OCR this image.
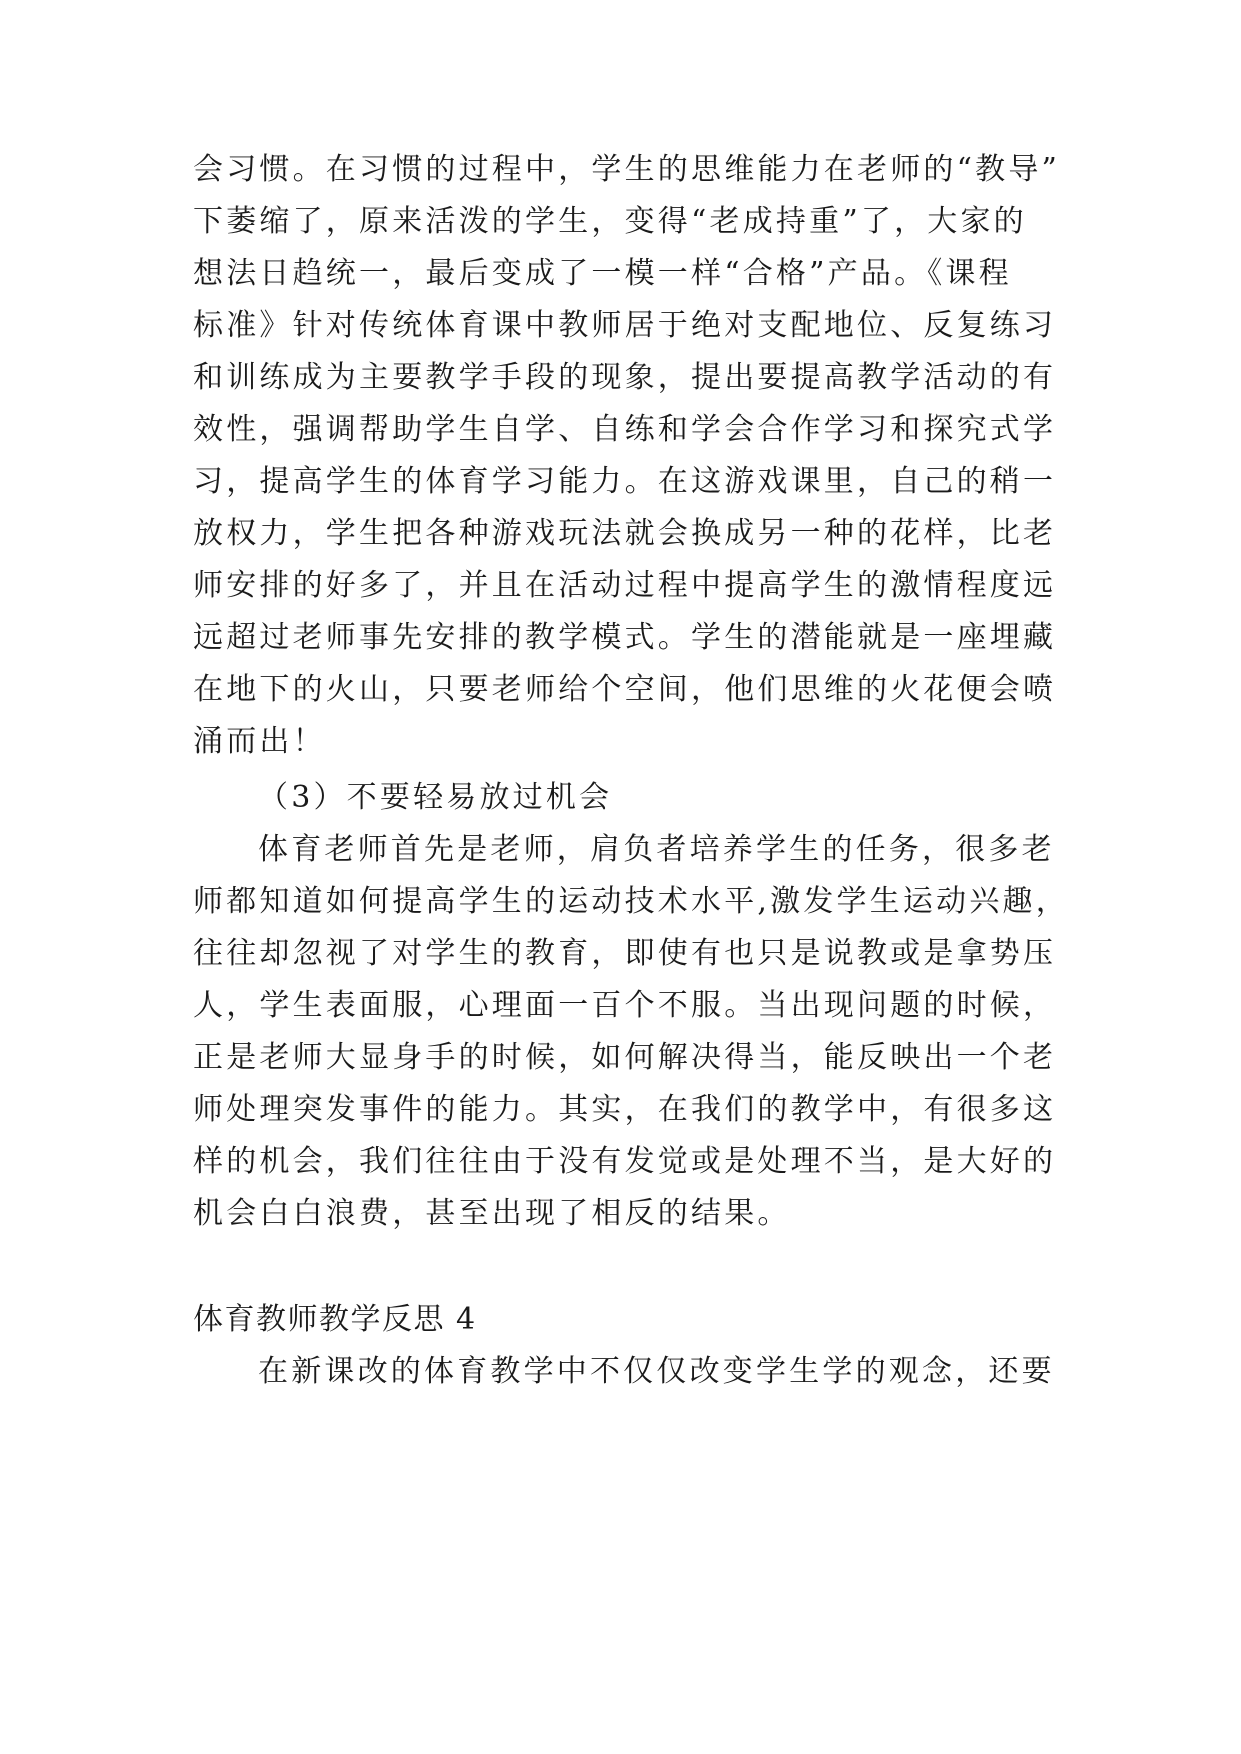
会习惯。在习惯的过程中，学生的思维能力在老师的“教导”
下萎缩了，原来活泼的学生，变得“老成持重”了，大家的
想法日趋统一，最后变成了一模一样“合格”产品。《课程
标准》针对传统体育课中教师居于绝对支配地位、反复练习
和训练成为主要教学手段的现象，提出要提高教学活动的有
效性，强调帮助学生自学、自练和学会合作学习和探究式学
习，提高学生的体育学习能力。在这游戏课里，自己的稍一
放权力，学生把各种游戏玩法就会换成另一种的花样，比老
师安排的好多了，并且在活动过程中提高学生的激情程度远
远超过老师事先安排的教学模式。学生的潜能就是一座埋藏
在地下的火山，只要老师给个空间，他们思维的火花便会喷
涌而出！
（3）不要轻易放过机会
体育老师首先是老师，肩负者培养学生的任务，很多老
师都知道如何提高学生的运动技术水平,激发学生运动兴趣，
往往却忽视了对学生的教育，即使有也只是说教或是拿势压
人，学生表面服，心理面一百个不服。当出现问题的时候，
正是老师大显身手的时候，如何解决得当，能反映出一个老
师处理突发事件的能力。其实，在我们的教学中，有很多这
样的机会，我们往往由于没有发觉或是处理不当，是大好的
机会白白浪费，甚至出现了相反的结果。
体育教师教学反思 4
在新课改的体育教学中不仅仅改变学生学的观念，还要
